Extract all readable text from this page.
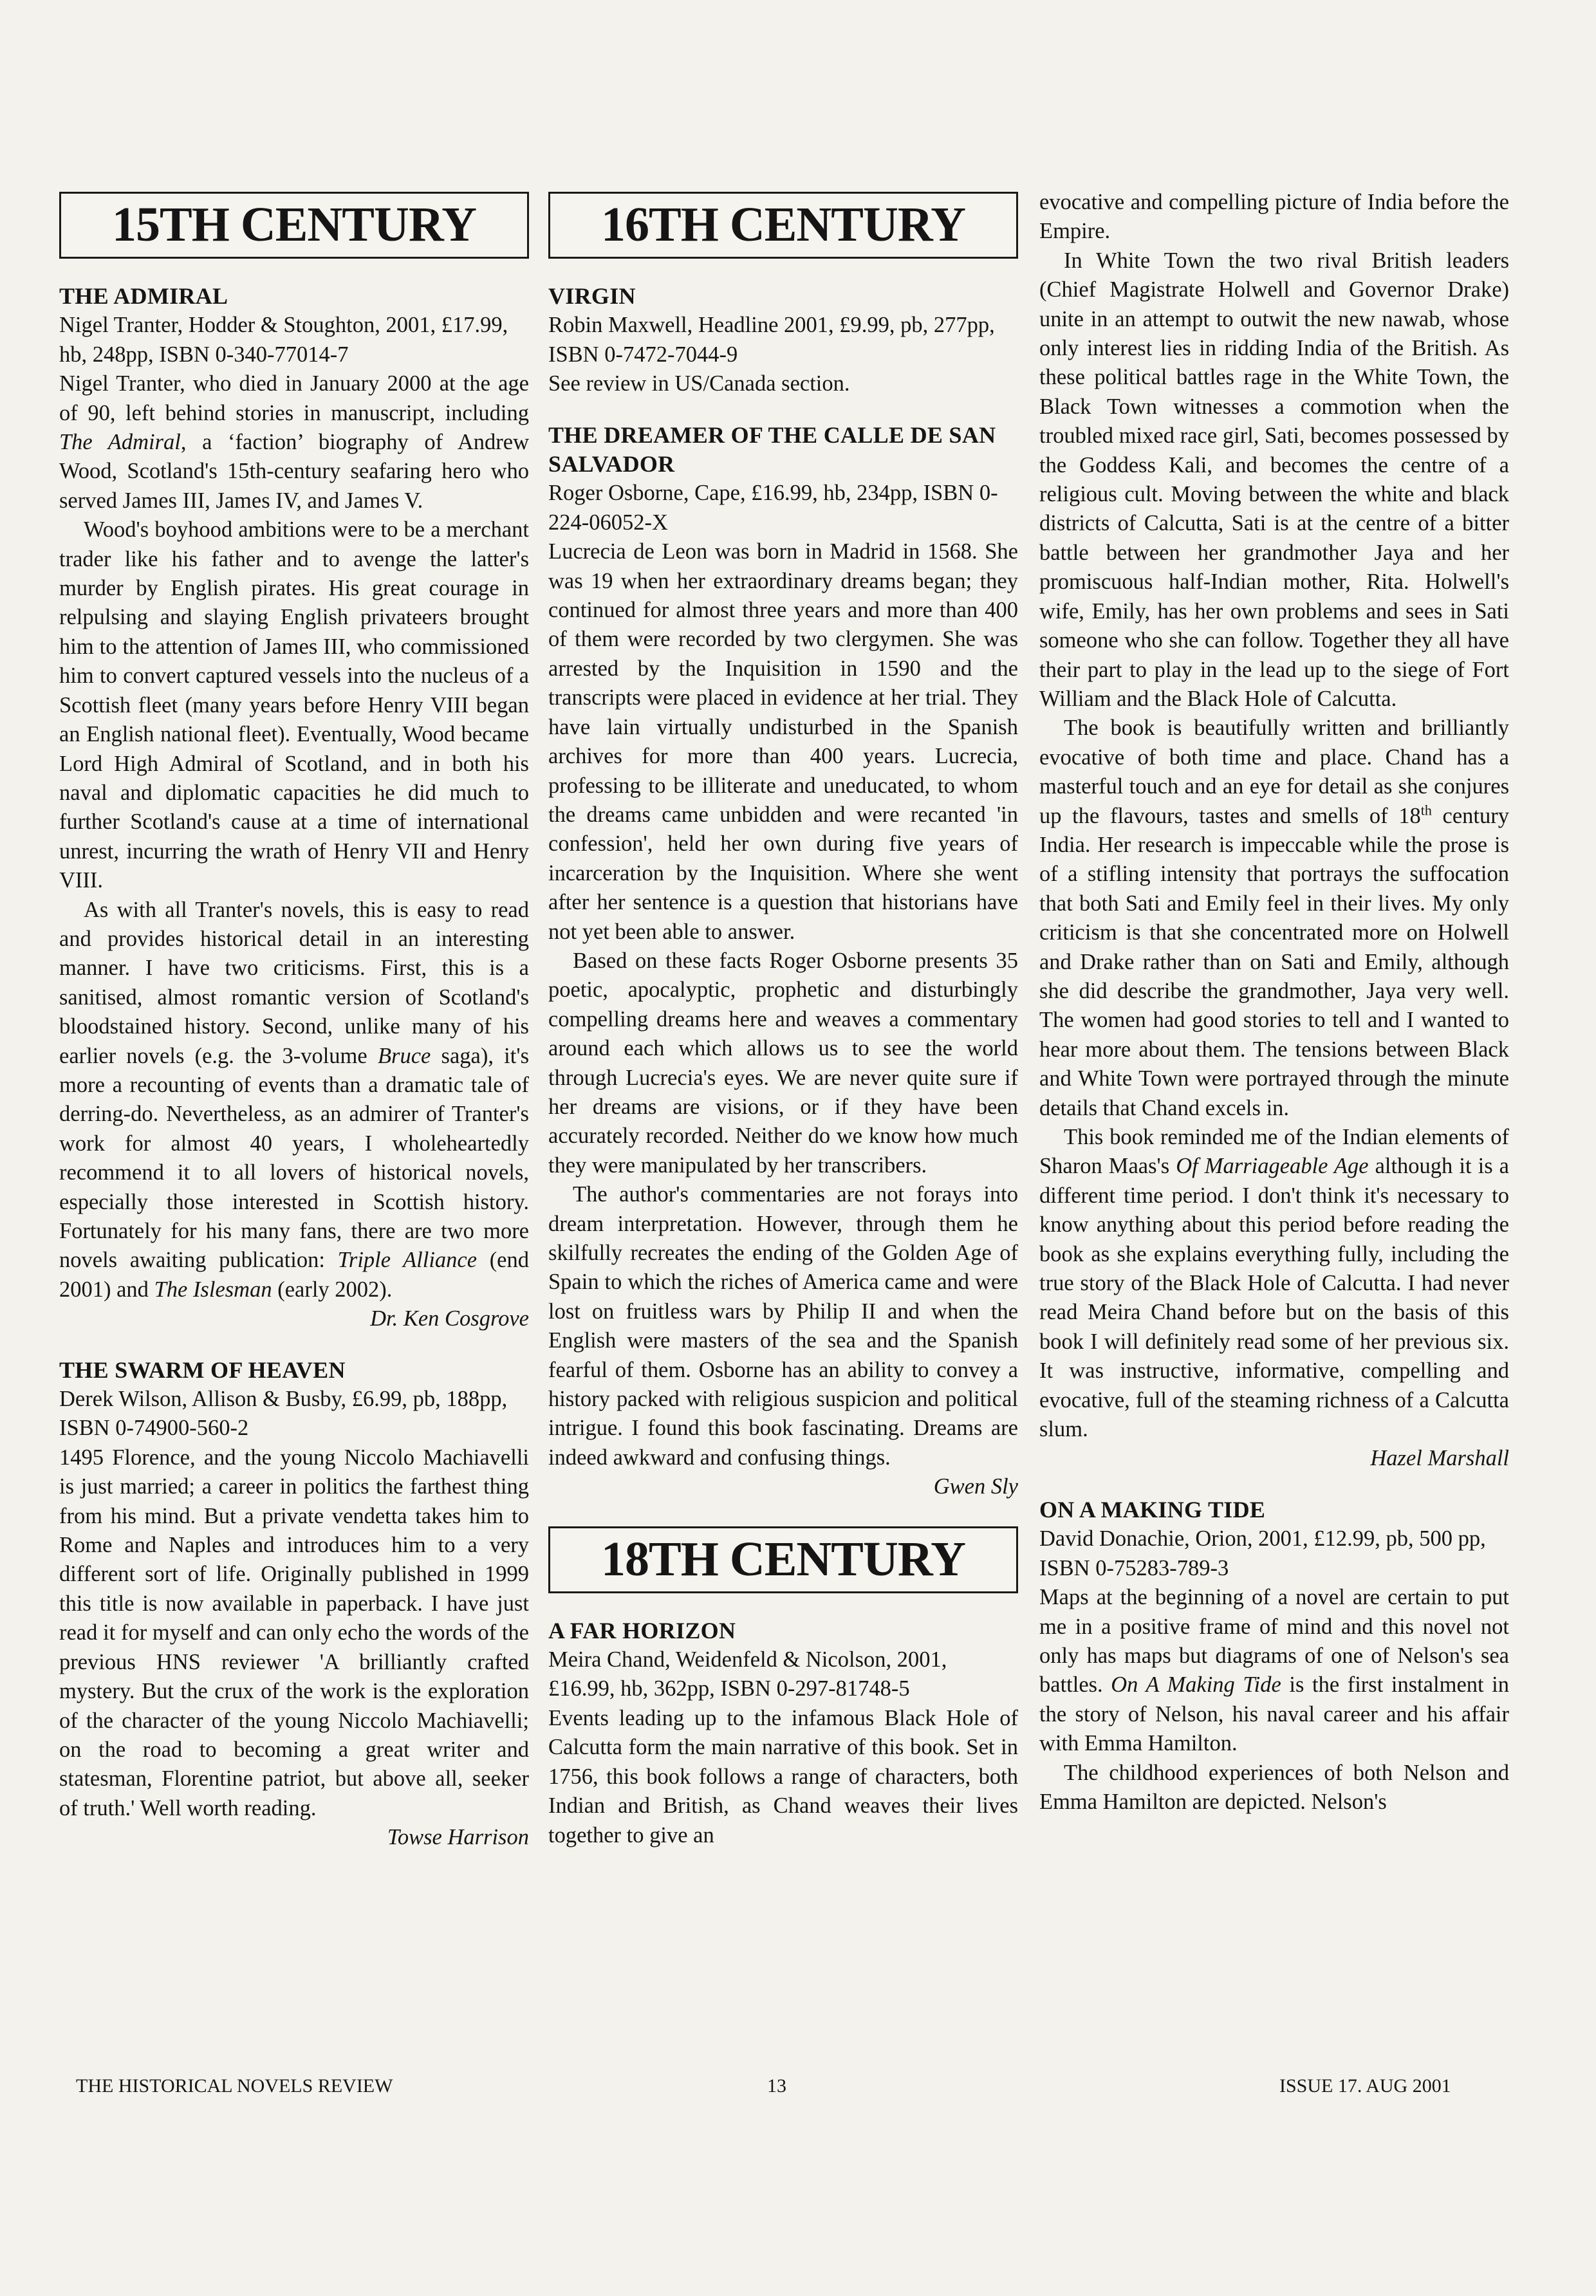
15TH CENTURY
THE ADMIRAL

Nigel Tranter, Hodder & Stoughton, 2001, £17.99, hb, 248pp, ISBN 0-340-77014-7

Nigel Tranter, who died in January 2000 at the age of 90, left behind stories in manuscript, including The Admiral, a ‘faction’ biography of Andrew Wood, Scotland's 15th-century seafaring hero who served James III, James IV, and James V.

Wood's boyhood ambitions were to be a merchant trader like his father and to avenge the latter's murder by English pirates. His great courage in relpulsing and slaying English privateers brought him to the attention of James III, who commissioned him to convert captured vessels into the nucleus of a Scottish fleet (many years before Henry VIII began an English national fleet). Eventually, Wood became Lord High Admiral of Scotland, and in both his naval and diplomatic capacities he did much to further Scotland's cause at a time of international unrest, incurring the wrath of Henry VII and Henry VIII.

As with all Tranter's novels, this is easy to read and provides historical detail in an interesting manner. I have two criticisms. First, this is a sanitised, almost romantic version of Scotland's bloodstained history. Second, unlike many of his earlier novels (e.g. the 3-volume Bruce saga), it's more a recounting of events than a dramatic tale of derring-do. Nevertheless, as an admirer of Tranter's work for almost 40 years, I wholeheartedly recommend it to all lovers of historical novels, especially those interested in Scottish history. Fortunately for his many fans, there are two more novels awaiting publication: Triple Alliance (end 2001) and The Islesman (early 2002).

Dr. Ken Cosgrove

THE SWARM OF HEAVEN

Derek Wilson, Allison & Busby, £6.99, pb, 188pp, ISBN 0-74900-560-2

1495 Florence, and the young Niccolo Machiavelli is just married; a career in politics the farthest thing from his mind. But a private vendetta takes him to Rome and Naples and introduces him to a very different sort of life. Originally published in 1999 this title is now available in paperback. I have just read it for myself and can only echo the words of the previous HNS reviewer 'A brilliantly crafted mystery. But the crux of the work is the exploration of the character of the young Niccolo Machiavelli; on the road to becoming a great writer and statesman, Florentine patriot, but above all, seeker of truth.' Well worth reading.

Towse Harrison

16TH CENTURY
VIRGIN

Robin Maxwell, Headline 2001, £9.99, pb, 277pp, ISBN 0-7472-7044-9

See review in US/Canada section.

THE DREAMER OF THE CALLE DE SAN SALVADOR

Roger Osborne, Cape, £16.99, hb, 234pp, ISBN 0-224-06052-X

Lucrecia de Leon was born in Madrid in 1568. She was 19 when her extraordinary dreams began; they continued for almost three years and more than 400 of them were recorded by two clergymen. She was arrested by the Inquisition in 1590 and the transcripts were placed in evidence at her trial. They have lain virtually undisturbed in the Spanish archives for more than 400 years. Lucrecia, professing to be illiterate and uneducated, to whom the dreams came unbidden and were recanted 'in confession', held her own during five years of incarceration by the Inquisition. Where she went after her sentence is a question that historians have not yet been able to answer.

Based on these facts Roger Osborne presents 35 poetic, apocalyptic, prophetic and disturbingly compelling dreams here and weaves a commentary around each which allows us to see the world through Lucrecia's eyes. We are never quite sure if her dreams are visions, or if they have been accurately recorded. Neither do we know how much they were manipulated by her transcribers.

The author's commentaries are not forays into dream interpretation. However, through them he skilfully recreates the ending of the Golden Age of Spain to which the riches of America came and were lost on fruitless wars by Philip II and when the English were masters of the sea and the Spanish fearful of them. Osborne has an ability to convey a history packed with religious suspicion and political intrigue. I found this book fascinating. Dreams are indeed awkward and confusing things.

Gwen Sly

18TH CENTURY
A FAR HORIZON

Meira Chand, Weidenfeld & Nicolson, 2001, £16.99, hb, 362pp, ISBN 0-297-81748-5

Events leading up to the infamous Black Hole of Calcutta form the main narrative of this book. Set in 1756, this book follows a range of characters, both Indian and British, as Chand weaves their lives together to give an

evocative and compelling picture of India before the Empire.

In White Town the two rival British leaders (Chief Magistrate Holwell and Governor Drake) unite in an attempt to outwit the new nawab, whose only interest lies in ridding India of the British. As these political battles rage in the White Town, the Black Town witnesses a commotion when the troubled mixed race girl, Sati, becomes possessed by the Goddess Kali, and becomes the centre of a religious cult. Moving between the white and black districts of Calcutta, Sati is at the centre of a bitter battle between her grandmother Jaya and her promiscuous half-Indian mother, Rita. Holwell's wife, Emily, has her own problems and sees in Sati someone who she can follow. Together they all have their part to play in the lead up to the siege of Fort William and the Black Hole of Calcutta.

The book is beautifully written and brilliantly evocative of both time and place. Chand has a masterful touch and an eye for detail as she conjures up the flavours, tastes and smells of 18th century India. Her research is impeccable while the prose is of a stifling intensity that portrays the suffocation that both Sati and Emily feel in their lives. My only criticism is that she concentrated more on Holwell and Drake rather than on Sati and Emily, although she did describe the grandmother, Jaya very well. The women had good stories to tell and I wanted to hear more about them. The tensions between Black and White Town were portrayed through the minute details that Chand excels in.

This book reminded me of the Indian elements of Sharon Maas's Of Marriageable Age although it is a different time period. I don't think it's necessary to know anything about this period before reading the book as she explains everything fully, including the true story of the Black Hole of Calcutta. I had never read Meira Chand before but on the basis of this book I will definitely read some of her previous six. It was instructive, informative, compelling and evocative, full of the steaming richness of a Calcutta slum.

Hazel Marshall

ON A MAKING TIDE

David Donachie, Orion, 2001, £12.99, pb, 500 pp, ISBN 0-75283-789-3

Maps at the beginning of a novel are certain to put me in a positive frame of mind and this novel not only has maps but diagrams of one of Nelson's sea battles. On A Making Tide is the first instalment in the story of Nelson, his naval career and his affair with Emma Hamilton.

The childhood experiences of both Nelson and Emma Hamilton are depicted. Nelson's

THE HISTORICAL NOVELS REVIEW	13	ISSUE 17. AUG 2001
